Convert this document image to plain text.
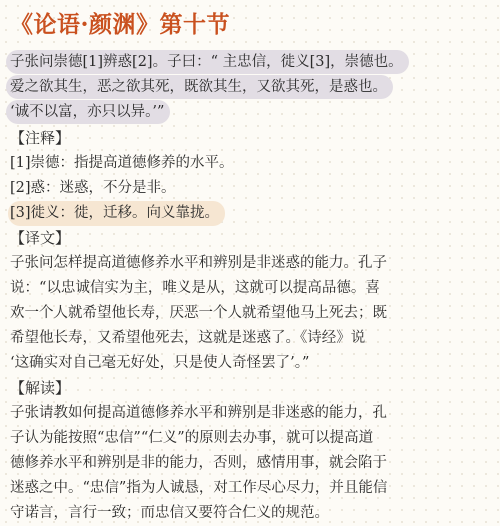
《论语·颜渊》第十节
子张问崇德[1]辨惑[2]。子曰：“ 主忠信，徙义[3]，崇德也。
爱之欲其生，恶之欲其死，既欲其生，又欲其死，是惑也。
‘诚不以富，亦只以异。’”
【注释】
[1]崇德：指提高道德修养的水平。
[2]惑：迷惑，不分是非。
[3]徙义：徙，迁移。向义靠拢。
【译文】
子张问怎样提高道德修养水平和辨别是非迷惑的能力。孔子
说：“以忠诚信实为主，唯义是从，这就可以提高品德。喜
欢一个人就希望他长寿，厌恶一个人就希望他马上死去；既
希望他长寿，又希望他死去，这就是迷惑了。《诗经》说
‘这确实对自己毫无好处，只是使人奇怪罢了’。”
【解读】
子张请教如何提高道德修养水平和辨别是非迷惑的能力，孔
子认为能按照“忠信”“仁义”的原则去办事，就可以提高道
德修养水平和辨别是非的能力，否则，感情用事，就会陷于
迷惑之中。“忠信”指为人诚恳，对工作尽心尽力，并且能信
守诺言，言行一致；而忠信又要符合仁义的规范。
